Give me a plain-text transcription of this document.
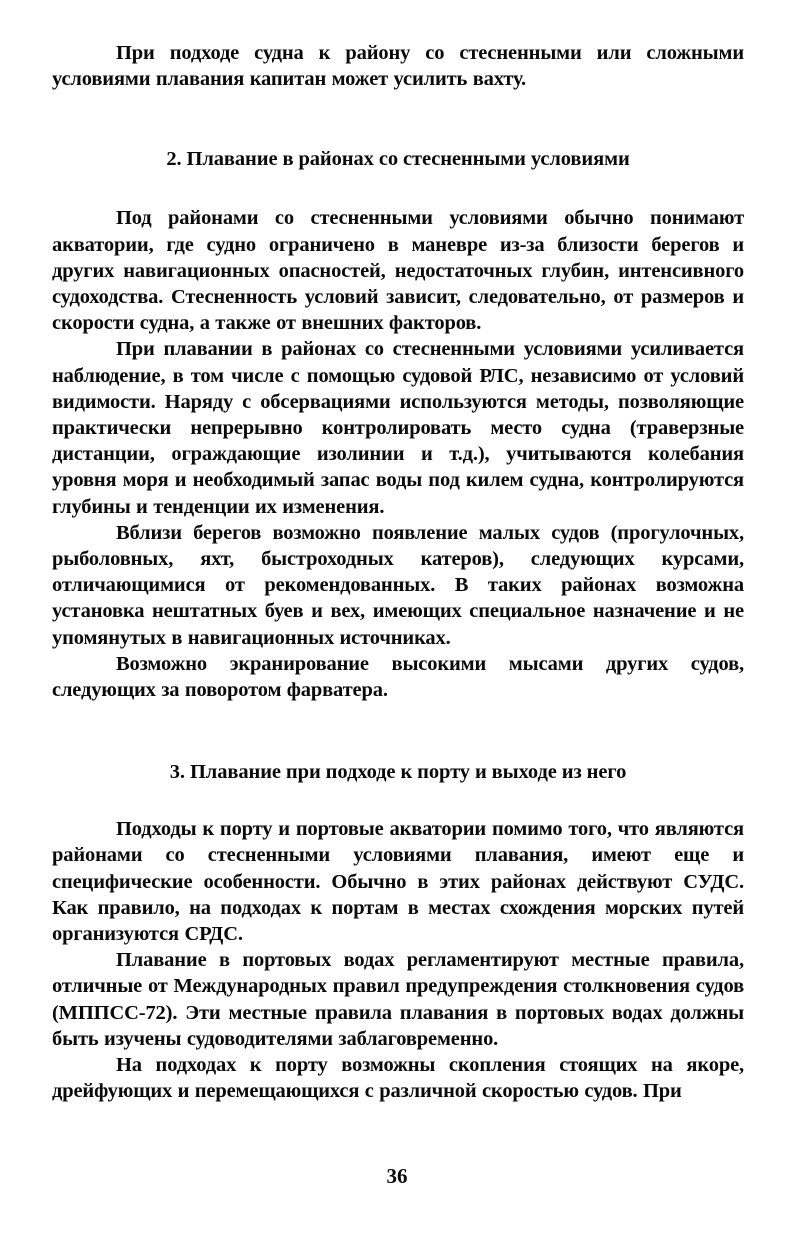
При подходе судна к району со стесненными или сложными условиями плавания капитан может усилить вахту.

2. Плавание в районах со стесненными условиями

Под районами со стесненными условиями обычно понимают акватории, где судно ограничено в маневре из-за близости берегов и других навигационных опасностей, недостаточных глубин, интенсивного судоходства. Стесненность условий зависит, следовательно, от размеров и скорости судна, а также от внешних факторов.

При плавании в районах со стесненными условиями усиливается наблюдение, в том числе с помощью судовой РЛС, независимо от условий видимости. Наряду с обсервациями используются методы, позволяющие практически непрерывно контролировать место судна (траверзные дистанции, ограждающие изолинии и т.д.), учитываются колебания уровня моря и необходимый запас воды под килем судна, контролируются глубины и тенденции их изменения.

Вблизи берегов возможно появление малых судов (прогулочных, рыболовных, яхт, быстроходных катеров), следующих курсами, отличающимися от рекомендованных. В таких районах возможна установка нештатных буев и вех, имеющих специальное назначение и не упомянутых в навигационных источниках.

Возможно экранирование высокими мысами других судов, следующих за поворотом фарватера.

3. Плавание при подходе к порту и выходе из него

Подходы к порту и портовые акватории помимо того, что являются районами со стесненными условиями плавания, имеют еще и специфические особенности. Обычно в этих районах действуют СУДС. Как правило, на подходах к портам в местах схождения морских путей организуются СРДС.

Плавание в портовых водах регламентируют местные правила, отличные от Международных правил предупреждения столкновения судов (МППСС-72). Эти местные правила плавания в портовых водах должны быть изучены судоводителями заблаговременно.

На подходах к порту возможны скопления стоящих на якоре, дрейфующих и перемещающихся с различной скоростью судов. При

36
